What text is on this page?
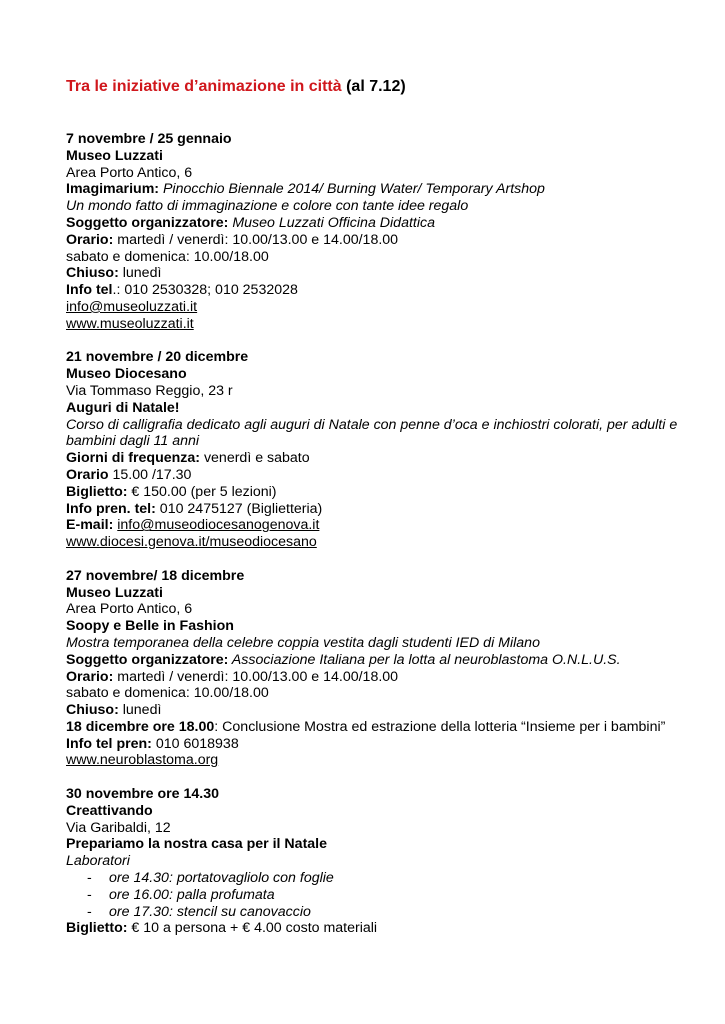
Tra le iniziative d’animazione in città (al 7.12)

7 novembre / 25 gennaio

Museo Luzzati

Area Porto Antico, 6

Imagimarium: Pinocchio Biennale 2014/ Burning Water/ Temporary Artshop

Un mondo fatto di immaginazione e colore con tante idee regalo

Soggetto organizzatore: Museo Luzzati Officina Didattica

Orario: martedì / venerdì: 10.00/13.00 e 14.00/18.00

sabato e domenica: 10.00/18.00

Chiuso: lunedì

Info tel.: 010 2530328; 010 2532028

info@museoluzzati.it

www.museoluzzati.it

21 novembre / 20 dicembre

Museo Diocesano

Via Tommaso Reggio, 23 r

Auguri di Natale!

Corso di calligrafia dedicato agli auguri di Natale con penne d’oca e inchiostri colorati, per adulti e bambini dagli 11 anni

Giorni di frequenza: venerdì e sabato

Orario 15.00 /17.30

Biglietto: € 150.00 (per 5 lezioni)

Info pren. tel: 010 2475127 (Biglietteria)

E-mail: info@museodiocesanogenova.it

www.diocesi.genova.it/museodiocesano

27 novembre/ 18 dicembre

Museo Luzzati

Area Porto Antico, 6

Soopy e Belle in Fashion

Mostra temporanea della celebre coppia vestita dagli studenti IED di Milano

Soggetto organizzatore: Associazione Italiana per la lotta al neuroblastoma O.N.L.U.S.

Orario: martedì / venerdì: 10.00/13.00 e 14.00/18.00

sabato e domenica: 10.00/18.00

Chiuso: lunedì

18 dicembre ore 18.00: Conclusione Mostra ed estrazione della lotteria “Insieme per i bambini”

Info tel pren: 010 6018938

www.neuroblastoma.org

30 novembre ore 14.30

Creattivando

Via Garibaldi, 12

Prepariamo la nostra casa per il Natale

Laboratori

- ore 14.30: portatovagliolo con foglie
- ore 16.00: palla profumata
- ore 17.30: stencil su canovaccio

Biglietto: € 10 a persona + € 4.00 costo materiali
